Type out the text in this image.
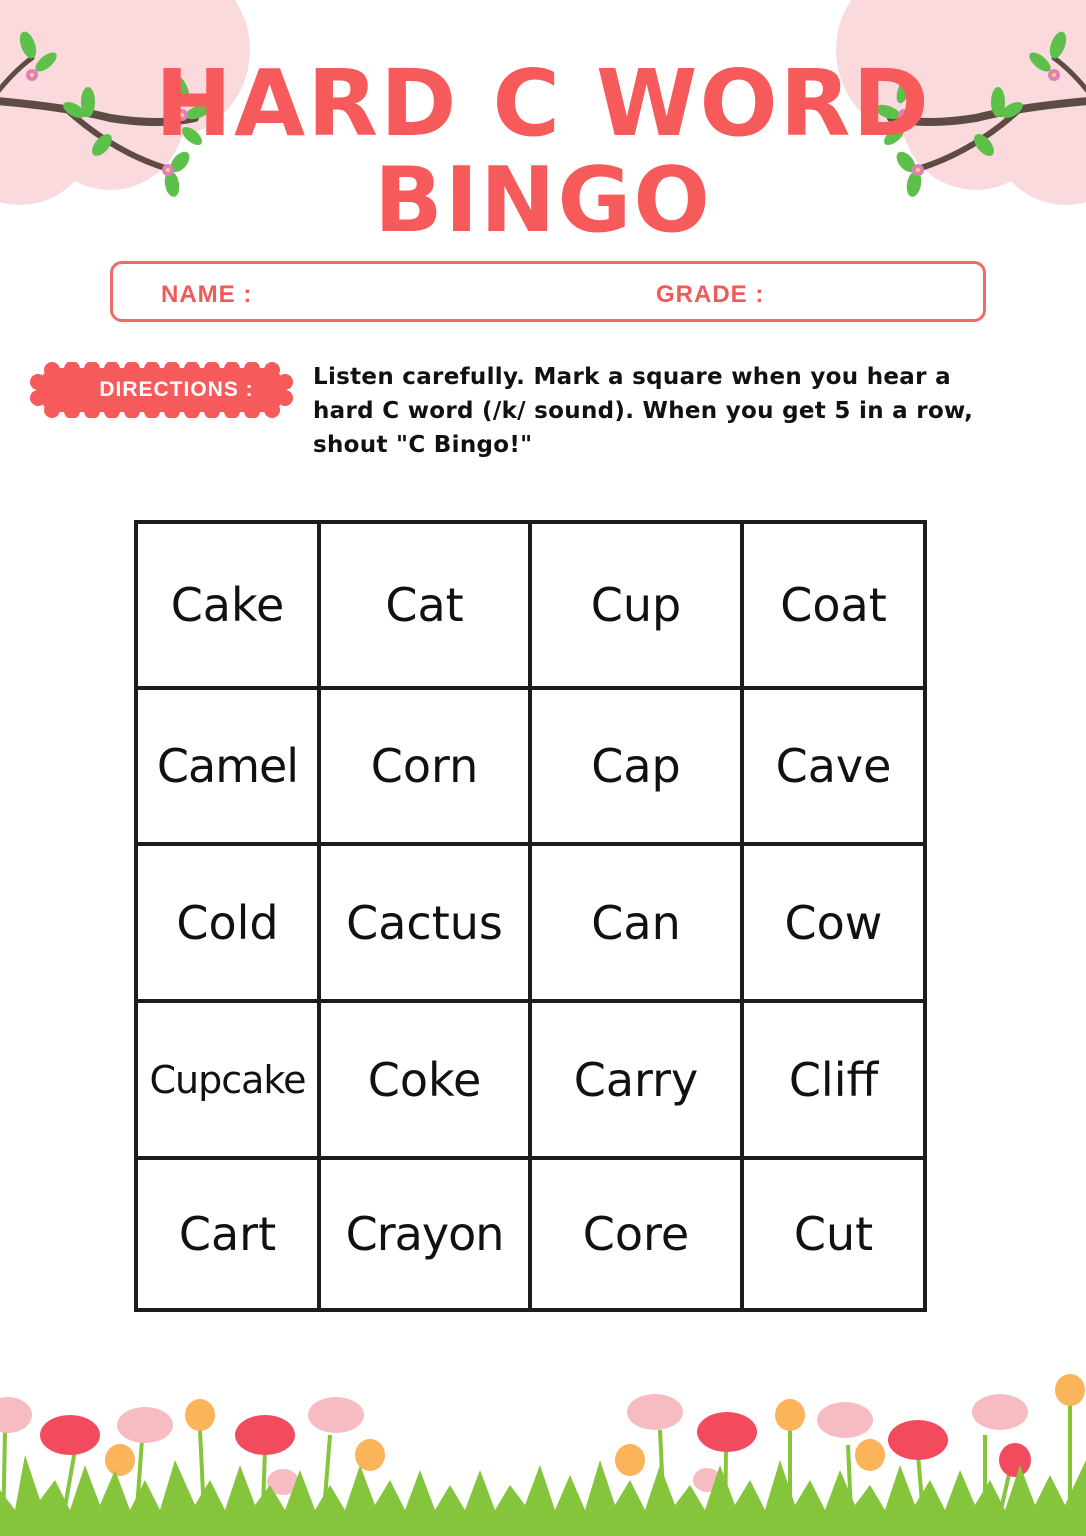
HARD C WORD
BINGO
NAME :	GRADE :
DIRECTIONS :	Listen carefully. Mark a square when you hear a hard C word (/k/ sound). When you get 5 in a row, shout "C Bingo!"

Cake	Cat	Cup	Coat
Camel	Corn	Cap	Cave
Cold	Cactus	Can	Cow
Cupcake	Coke	Carry	Cliff
Cart	Crayon	Core	Cut
